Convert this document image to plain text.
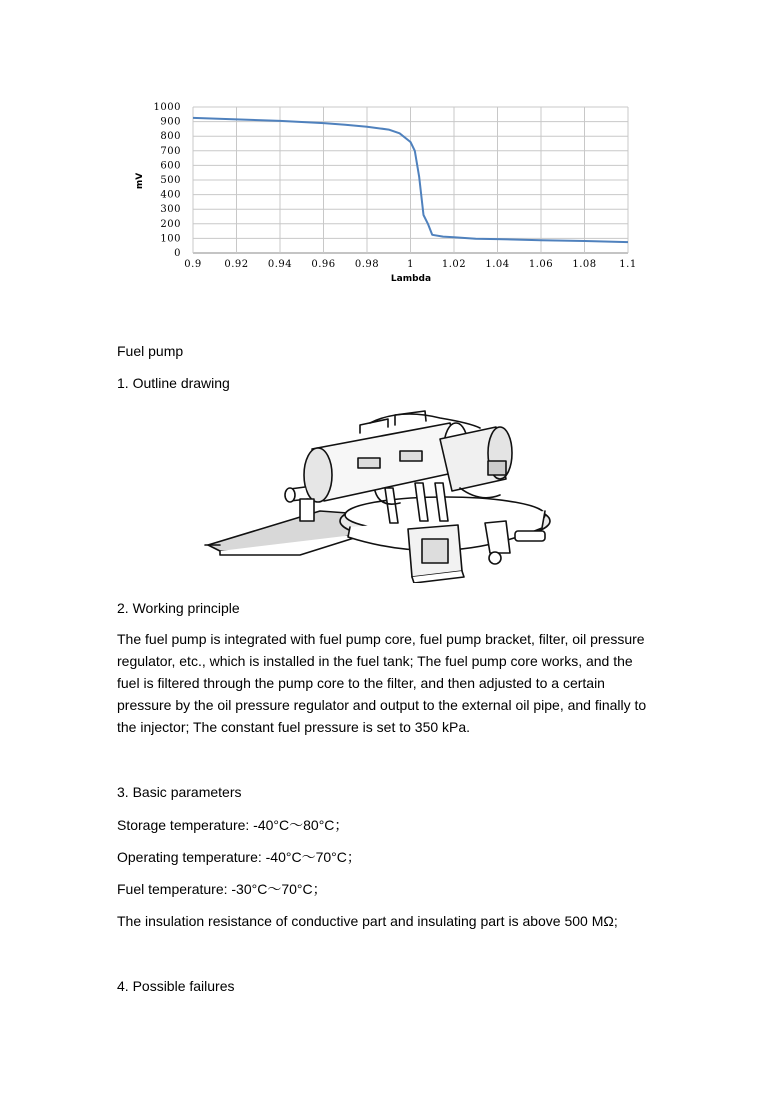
0
100
200
300
400
500
600
700
800
900
1000
0.9 0.92 0.94 0.96 0.98	1	1.02 1.04 1.06 1.08 1.1
mV
Lambda

Fuel pump

1. Outline drawing

2. Working principle

The fuel pump is integrated with fuel pump core, fuel pump bracket, filter, oil pressure regulator, etc., which is installed in the fuel tank; The fuel pump core works, and the fuel is filtered through the pump core to the filter, and then adjusted to a certain pressure by the oil pressure regulator and output to the external oil pipe, and finally to the injector; The constant fuel pressure is set to 350 kPa.

3. Basic parameters

Storage temperature: -40°C～80°C；

Operating temperature: -40°C～70°C；

Fuel temperature: -30°C～70°C；

The insulation resistance of conductive part and insulating part is above 500 MΩ;

4. Possible failures
